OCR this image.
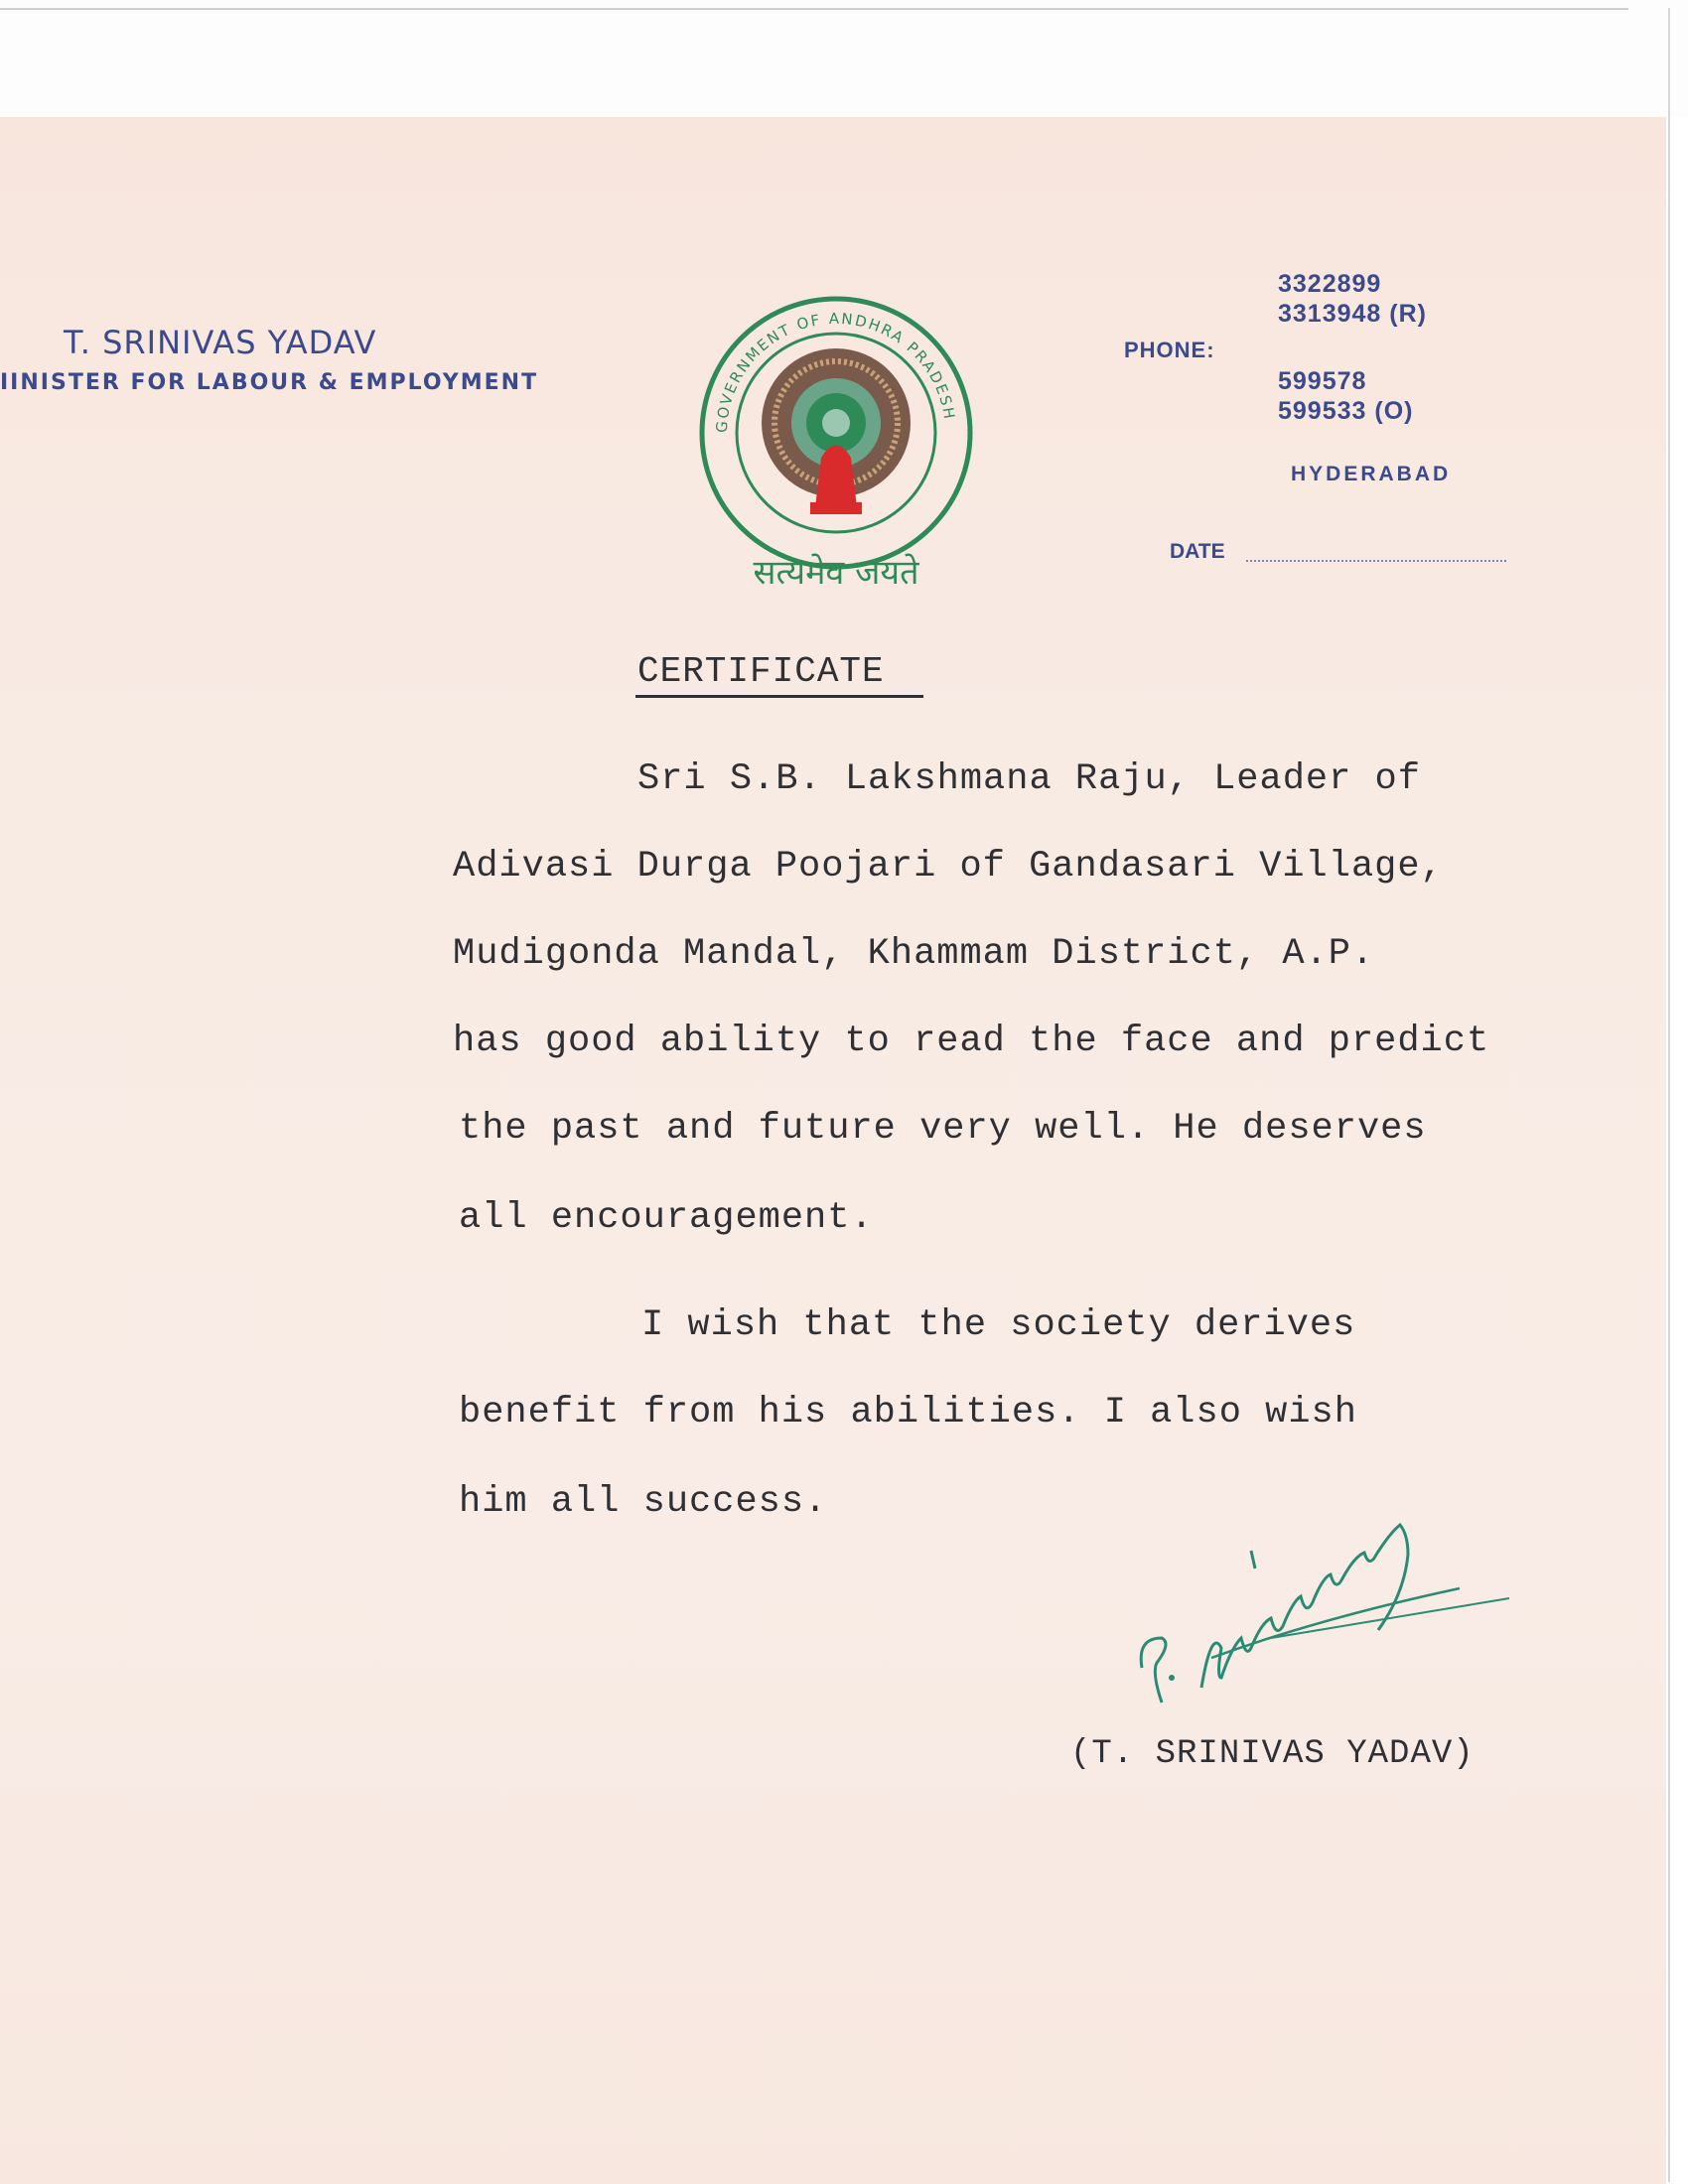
T. SRINIVAS YADAV
IINISTER FOR LABOUR & EMPLOYMENT
GOVERNMENT OF ANDHRA PRADESH
सत्यमेव जयते
PHONE:
3322899
3313948 (R)
599578
599533 (O)
HYDERABAD
DATE
CERTIFICATE
Sri S.B. Lakshmana Raju, Leader of
Adivasi Durga Poojari of Gandasari Village,
Mudigonda Mandal, Khammam District, A.P.
has good ability to read the face and predict
the past and future very well. He deserves
all encouragement.
I wish that the society derives
benefit from his abilities. I also wish
him all success.
(T. SRINIVAS YADAV)
